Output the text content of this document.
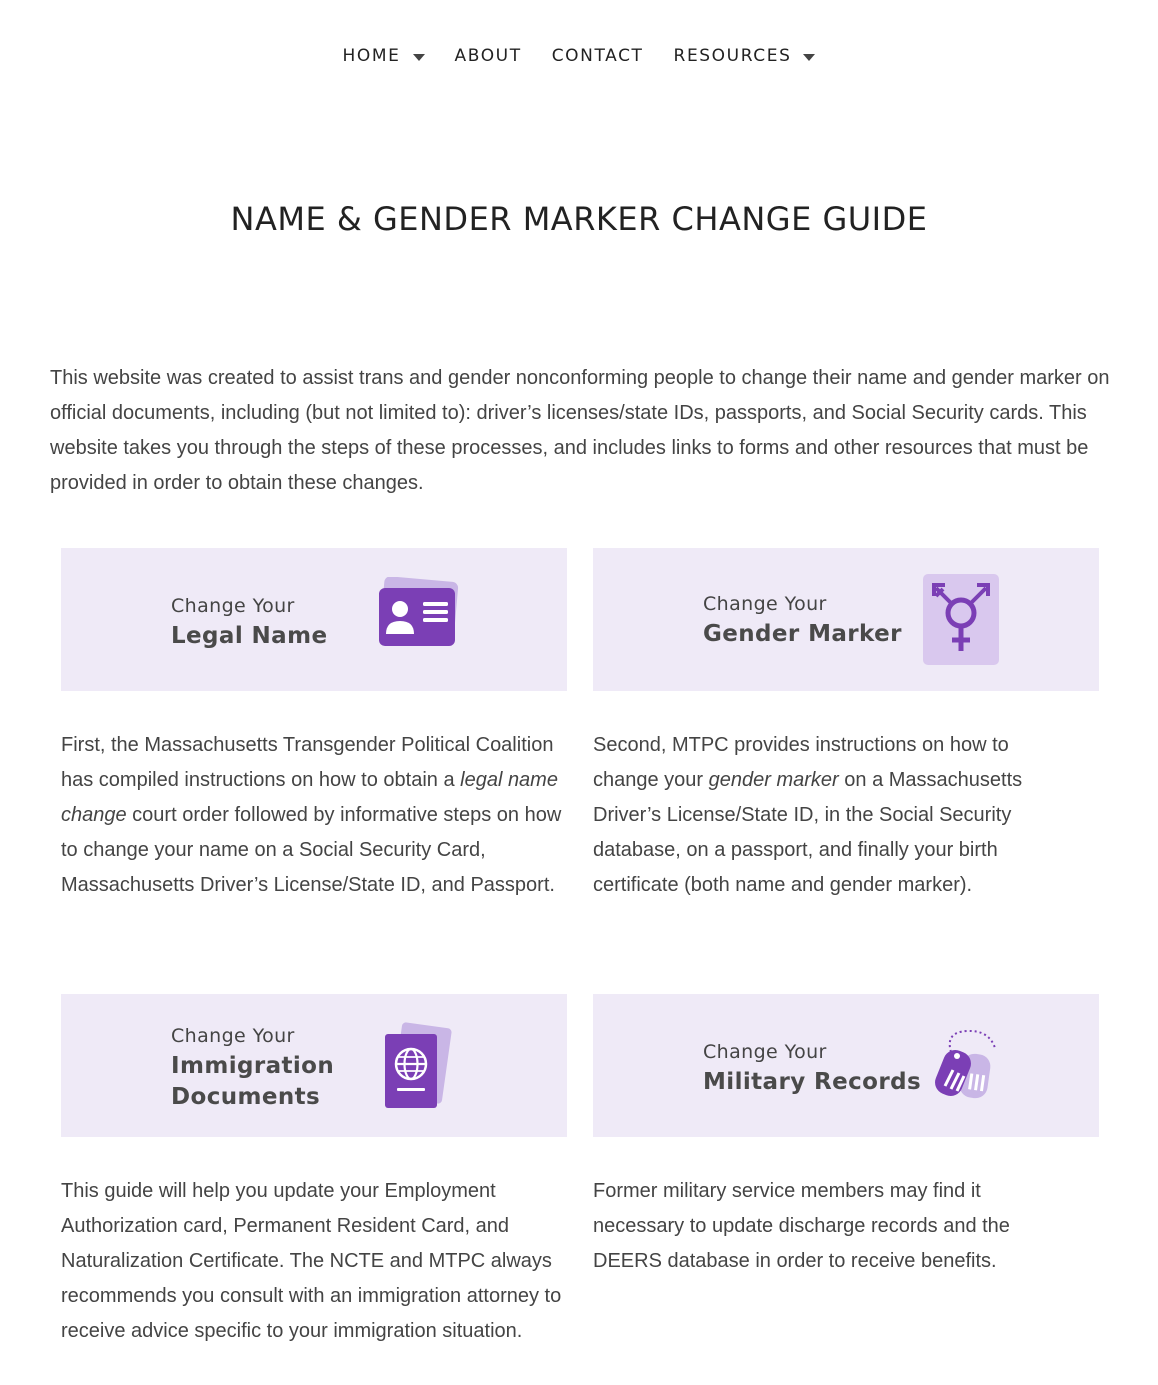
HOME	ABOUT CONTACT RESOURCES
NAME & GENDER MARKER CHANGE GUIDE

This website was created to assist trans and gender nonconforming people to change their name and gender marker on official documents, including (but not limited to): driver’s licenses/state IDs, passports, and Social Security cards. This website takes you through the steps of these processes, and includes links to forms and other resources that must be provided in order to obtain these changes.

Change Your
Legal Name
Change Your
Gender Marker

First, the Massachusetts Transgender Political Coalition has compiled instructions on how to obtain a legal name change court order followed by informative steps on how to change your name on a Social Security Card, Massachusetts Driver’s License/State ID, and Passport.

Second, MTPC provides instructions on how to change your gender marker on a Massachusetts Driver’s License/State ID, in the Social Security database, on a passport, and finally your birth certificate (both name and gender marker).

Change Your
Immigration
Documents
Change Your
Military Records

This guide will help you update your Employment Authorization card, Permanent Resident Card, and Naturalization Certificate. The NCTE and MTPC always recommends you consult with an immigration attorney to receive advice specific to your immigration situation.

Former military service members may find it necessary to update discharge records and the DEERS database in order to receive benefits.
